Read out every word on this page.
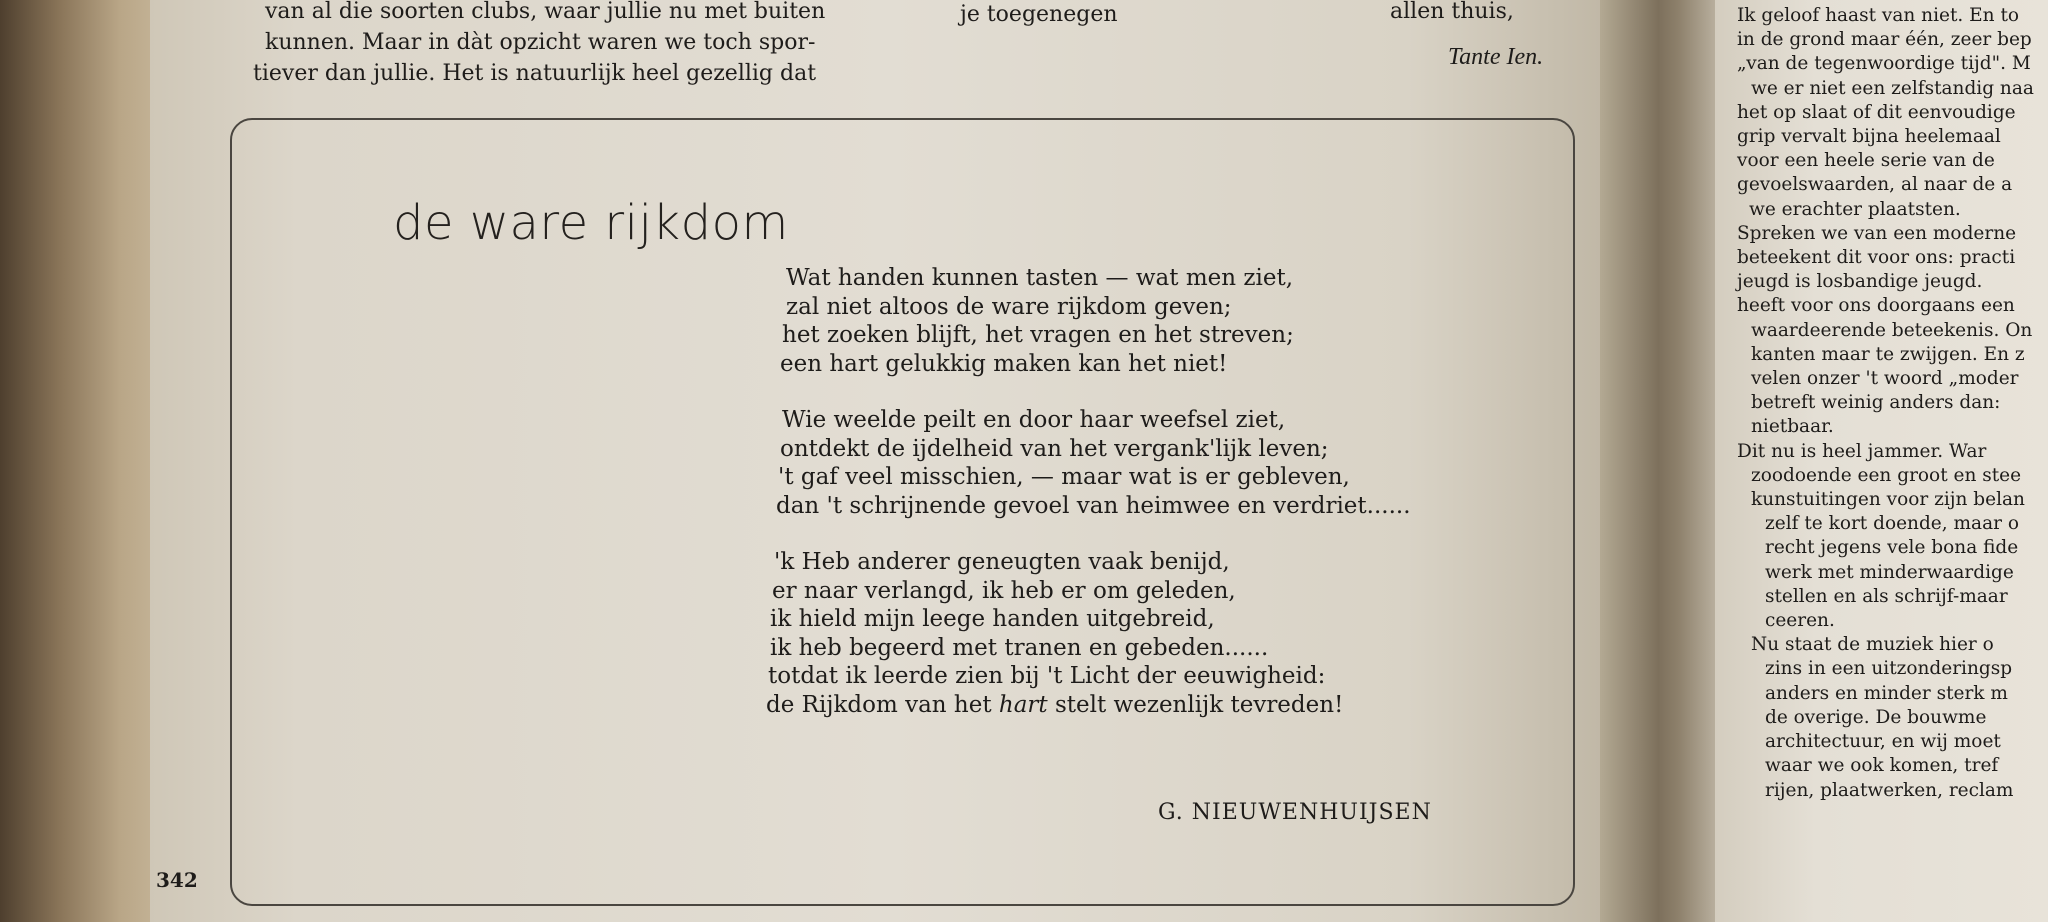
van al die soorten clubs, waar jullie nu met buiten
kunnen. Maar in dàt opzicht waren we toch spor-
tiever dan jullie. Het is natuurlijk heel gezellig dat
allen thuis,
je toegenegen
Tante Ien.
de ware rijkdom
Wat handen kunnen tasten — wat men ziet,
zal niet altoos de ware rijkdom geven;
het zoeken blijft, het vragen en het streven;
een hart gelukkig maken kan het niet!
Wie weelde peilt en door haar weefsel ziet,
ontdekt de ijdelheid van het vergank'lijk leven;
't gaf veel misschien, — maar wat is er gebleven,
dan 't schrijnende gevoel van heimwee en verdriet......
'k Heb anderer geneugten vaak benijd,
er naar verlangd, ik heb er om geleden,
ik hield mijn leege handen uitgebreid,
ik heb begeerd met tranen en gebeden......
totdat ik leerde zien bij 't Licht der eeuwigheid:
de Rijkdom van het hart stelt wezenlijk tevreden!
G. NIEUWENHUIJSEN
342
Ik geloof haast van niet. En to
in de grond maar één, zeer bep
„van de tegenwoordige tijd". M
we er niet een zelfstandig naa
het op slaat of dit eenvoudige
grip vervalt bijna heelemaal
voor een heele serie van de
gevoelswaarden, al naar de a
we erachter plaatsten.
Spreken we van een moderne
beteekent dit voor ons: practi
jeugd is losbandige jeugd.
heeft voor ons doorgaans een
waardeerende beteekenis. On
kanten maar te zwijgen. En z
velen onzer 't woord „moder
betreft weinig anders dan:
nietbaar.
Dit nu is heel jammer. War
zoodoende een groot en stee
kunstuitingen voor zijn belan
zelf te kort doende, maar o
recht jegens vele bona fide
werk met minderwaardige
stellen en als schrijf-maar
ceeren.
Nu staat de muziek hier o
zins in een uitzonderingsp
anders en minder sterk m
de overige. De bouwme
architectuur, en wij moet
waar we ook komen, tref
rijen, plaatwerken, reclam
